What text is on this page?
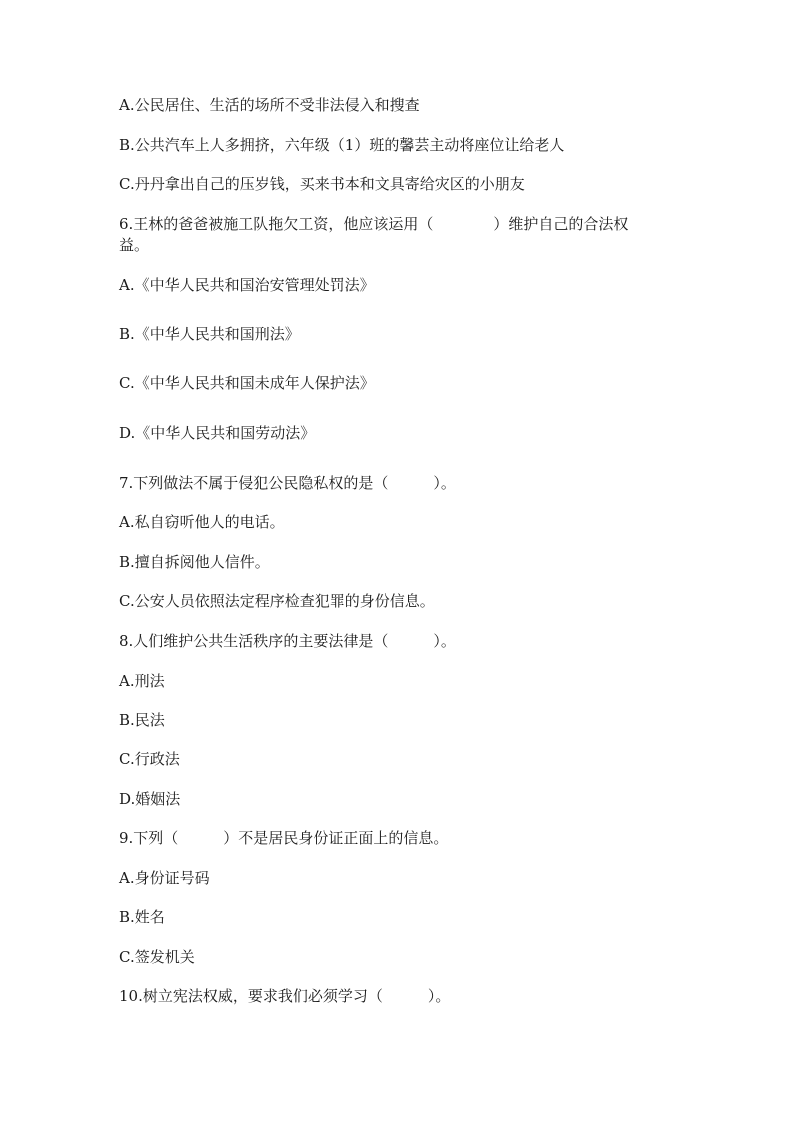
A.公民居住、生活的场所不受非法侵入和搜查
B.公共汽车上人多拥挤，六年级（1）班的馨芸主动将座位让给老人
C.丹丹拿出自己的压岁钱，买来书本和文具寄给灾区的小朋友
6.王林的爸爸被施工队拖欠工资，他应该运用（　　　　）维护自己的合法权
益。
A.《中华人民共和国治安管理处罚法》
B.《中华人民共和国刑法》
C.《中华人民共和国未成年人保护法》
D.《中华人民共和国劳动法》
7.下列做法不属于侵犯公民隐私权的是（　　　）。
A.私自窃听他人的电话。
B.擅自拆阅他人信件。
C.公安人员依照法定程序检查犯罪的身份信息。
8.人们维护公共生活秩序的主要法律是（　　　）。
A.刑法
B.民法
C.行政法
D.婚姻法
9.下列（　　　）不是居民身份证正面上的信息。
A.身份证号码
B.姓名
C.签发机关
10.树立宪法权威，要求我们必须学习（　　　）。
